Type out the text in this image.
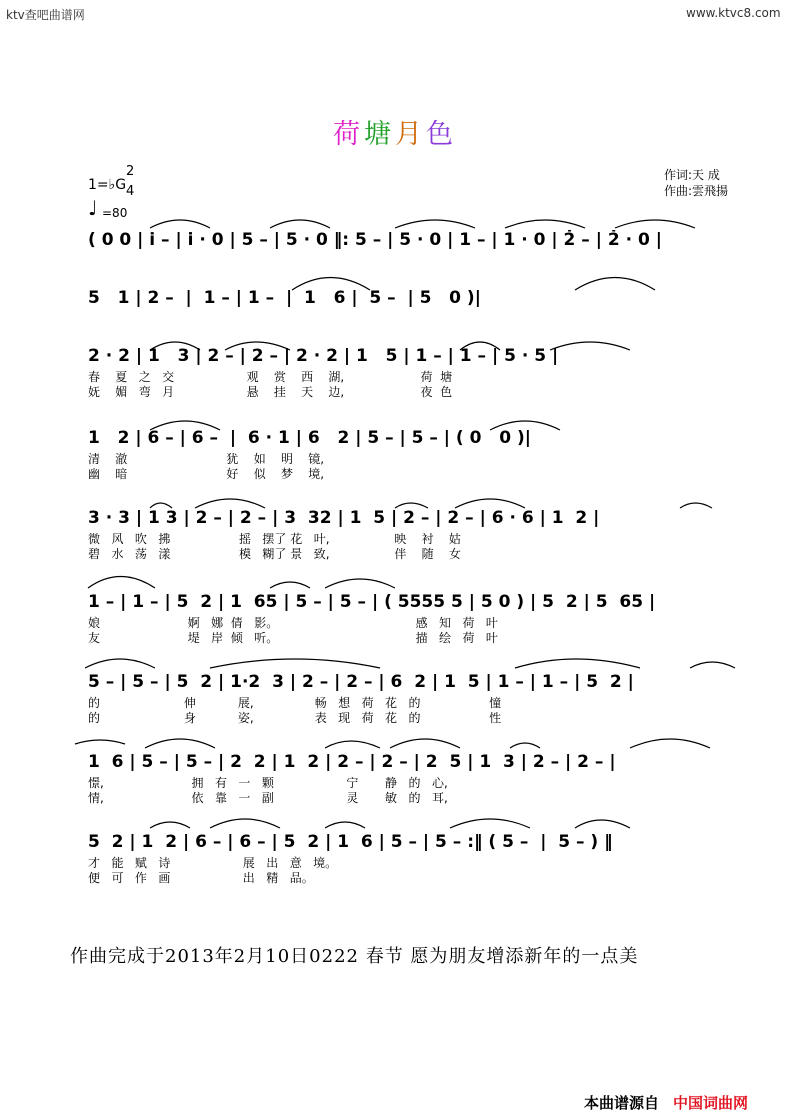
ktv查吧曲谱网	www.ktvc8.com
荷塘月色
作词:天 成
作曲:雲飛揚
1=♭G
2
4
♩ =80
( 0 0 | i̇ – | i̇ · 0 | 5 – | 5 · 0 ‖: 5 – | 5 · 0 | 1 – | 1 · 0 | 2̇ – | 2̇ · 0 |
5   1 | 2 –  |  1 – | 1 –  |  1   6 |  5 –  | 5   0 )|
2 · 2 | 1   3 | 2 – | 2 – | 2 · 2 | 1   5 | 1 – | 1 – | 5 · 5 |
春    夏   之   交                   观    赏    西    湖,                    荷  塘
妩    媚   弯   月                   悬    挂    天    边,                    夜  色
1   2 | 6 – | 6 –  |  6 · 1 | 6   2 | 5 – | 5 – | ( 0   0 )|
清    澈                          犹    如    明    镜,
幽    暗                          好    似    梦    境,
3 · 3 | 1 3 | 2 – | 2 – | 3  32 | 1  5 | 2 – | 2 – | 6 · 6 | 1  2 |
微   风   吹   拂                  摇   摆了 花   叶,                 映    衬    姑
碧   水   荡   漾                  模   糊了 景   致,                 伴    随    女
1 – | 1 – | 5  2 | 1  65 | 5 – | 5 – | ( 5555 5 | 5 0 ) | 5  2 | 5  65 |
娘                       婀   娜  倩   影。                                    感   知   荷   叶
友                       堤   岸  倾   听。                                    描   绘   荷   叶
5 – | 5 – | 5  2 | 1·2  3 | 2 – | 2 – | 6  2 | 1  5 | 1 – | 1 – | 5  2 |
的                      伸           展,                畅   想   荷   花   的                  憧
的                      身           姿,                表   现   荷   花   的                  性
1  6 | 5 – | 5 – | 2  2 | 1  2 | 2 – | 2 – | 2  5 | 1  3 | 2 – | 2 – |
憬,                       拥   有   一   颗                   宁       静   的   心,
情,                       依   靠   一   副                   灵       敏   的   耳,
5  2 | 1  2 | 6 – | 6 – | 5  2 | 1  6 | 5 – | 5 – :‖ ( 5 –  |  5 – ) ‖
才   能   赋   诗                   展   出   意   境。
便   可   作   画                   出   精   品。
作曲完成于2013年2月10日0222 春节 愿为朋友增添新年的一点美
本曲谱源自 中国词曲网
